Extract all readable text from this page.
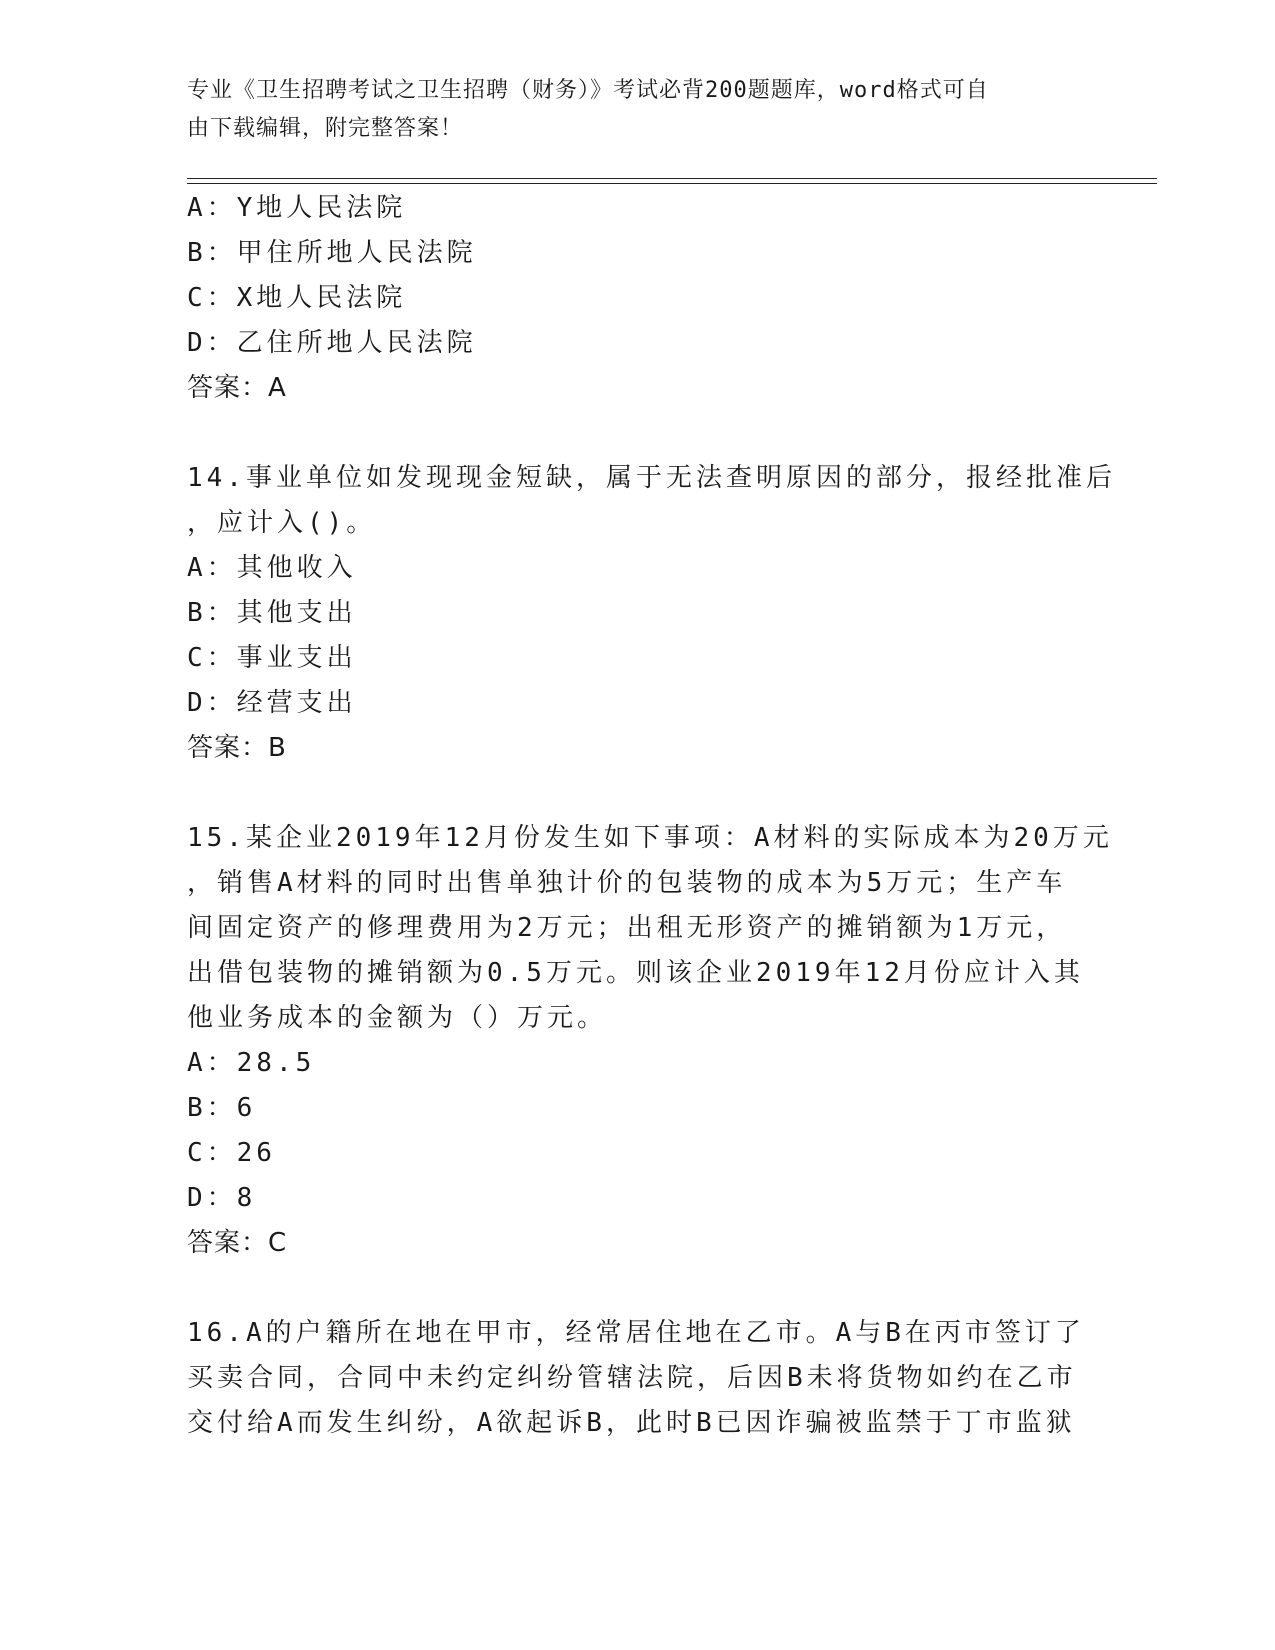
专业《卫生招聘考试之卫生招聘（财务）》考试必背200题题库，word格式可自
由下载编辑，附完整答案！
A：Y地人民法院
B：甲住所地人民法院
C：X地人民法院
D：乙住所地人民法院
答案：A
14.事业单位如发现现金短缺，属于无法查明原因的部分，报经批准后
，应计入()。
A：其他收入
B：其他支出
C：事业支出
D：经营支出
答案：B
15.某企业2019年12月份发生如下事项：A材料的实际成本为20万元
，销售A材料的同时出售单独计价的包装物的成本为5万元；生产车
间固定资产的修理费用为2万元；出租无形资产的摊销额为1万元，
出借包装物的摊销额为0.5万元。则该企业2019年12月份应计入其
他业务成本的金额为（）万元。
A：28.5
B：6
C：26
D：8
答案：C
16.A的户籍所在地在甲市，经常居住地在乙市。A与B在丙市签订了
买卖合同，合同中未约定纠纷管辖法院，后因B未将货物如约在乙市
交付给A而发生纠纷，A欲起诉B，此时B已因诈骗被监禁于丁市监狱
